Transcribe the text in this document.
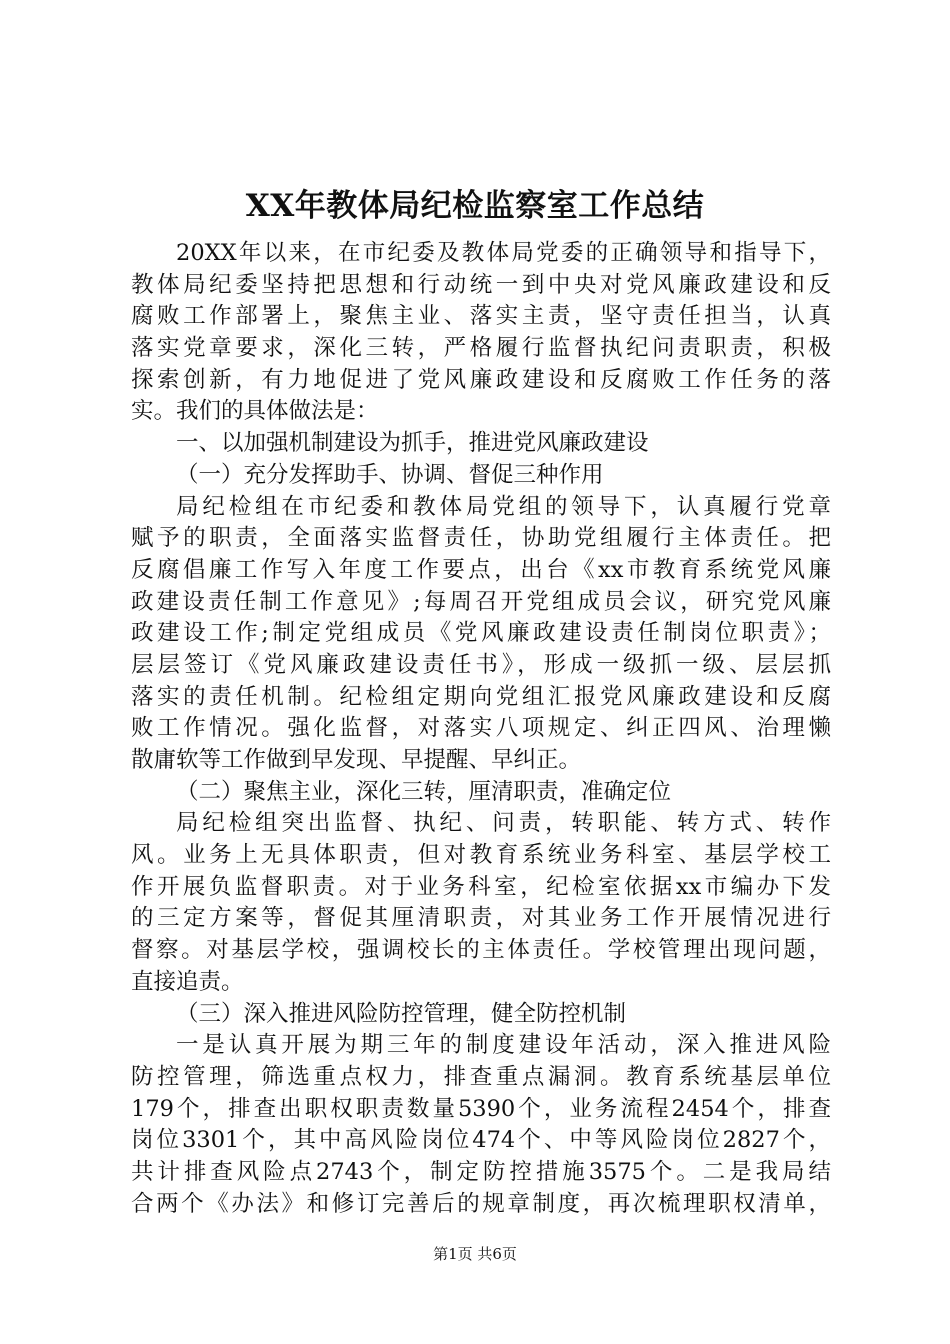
XX年教体局纪检监察室工作总结
20XX年以来，在市纪委及教体局党委的正确领导和指导下，
教体局纪委坚持把思想和行动统一到中央对党风廉政建设和反
腐败工作部署上，聚焦主业、落实主责，坚守责任担当，认真
落实党章要求，深化三转，严格履行监督执纪问责职责，积极
探索创新，有力地促进了党风廉政建设和反腐败工作任务的落
实。我们的具体做法是：
一、以加强机制建设为抓手，推进党风廉政建设
（一）充分发挥助手、协调、督促三种作用
局纪检组在市纪委和教体局党组的领导下，认真履行党章
赋予的职责，全面落实监督责任，协助党组履行主体责任。把
反腐倡廉工作写入年度工作要点，出台《xx市教育系统党风廉
政建设责任制工作意见》;每周召开党组成员会议，研究党风廉
政建设工作;制定党组成员《党风廉政建设责任制岗位职责》；
层层签订《党风廉政建设责任书》，形成一级抓一级、层层抓
落实的责任机制。纪检组定期向党组汇报党风廉政建设和反腐
败工作情况。强化监督，对落实八项规定、纠正四风、治理懒
散庸软等工作做到早发现、早提醒、早纠正。
（二）聚焦主业，深化三转，厘清职责，准确定位
局纪检组突出监督、执纪、问责，转职能、转方式、转作
风。业务上无具体职责，但对教育系统业务科室、基层学校工
作开展负监督职责。对于业务科室，纪检室依据xx市编办下发
的三定方案等，督促其厘清职责，对其业务工作开展情况进行
督察。对基层学校，强调校长的主体责任。学校管理出现问题，
直接追责。
（三）深入推进风险防控管理，健全防控机制
一是认真开展为期三年的制度建设年活动，深入推进风险
防控管理，筛选重点权力，排查重点漏洞。教育系统基层单位
179个，排查出职权职责数量5390个，业务流程2454个，排查
岗位3301个，其中高风险岗位474个、中等风险岗位2827个，
共计排查风险点2743个，制定防控措施3575个。二是我局结
合两个《办法》和修订完善后的规章制度，再次梳理职权清单，
第1页 共6页
